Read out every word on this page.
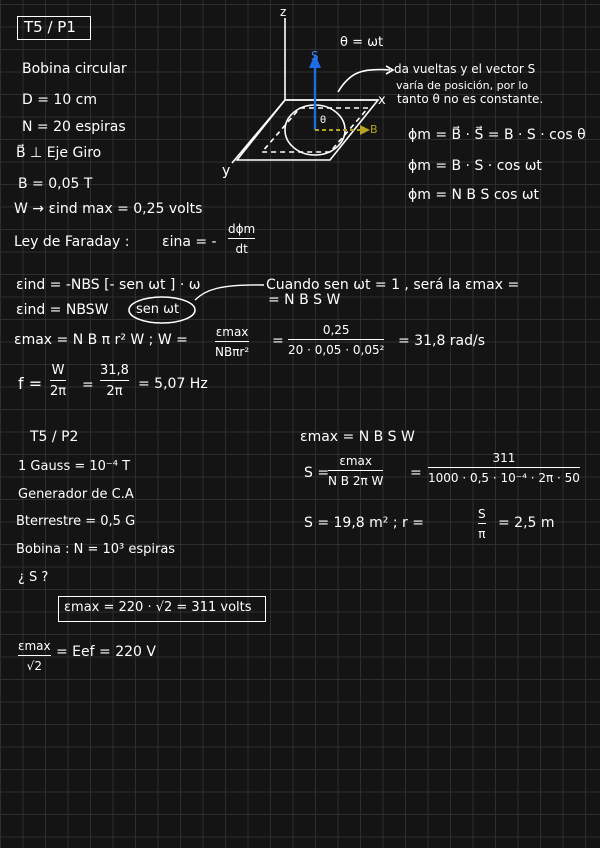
T5 / P1
Bobina circular
D = 10 cm
N = 20 espiras
B⃗ ⊥ Eje Giro
B = 0,05 T
W → εind max = 0,25 volts
Ley de Faraday : εina = -
dϕm
dt
z
x
y
θ = ωt
S
B
θ
da vueltas y el vector S
varía de posición, por lo
tanto θ no es constante.
ϕm = B⃗ · S⃗ = B · S · cos θ
ϕm = B · S · cos ωt
ϕm = N B S cos ωt
εind = -NBS [- sen ωt ] · ω
εind = NBSW sen ωt
Cuando sen ωt = 1 , será la εmax =
= N B S W
εmax = N B π r² W ; W = εmax
NBπr²
=
0,25
20 · 0,05 · 0,05²
= 31,8 rad/s
f =
W
2π =
31,8
2π = 5,07 Hz
T5 / P2
1 Gauss = 10⁻⁴ T
Generador de C.A
Bterrestre = 0,5 G
Bobina : N = 10³ espiras
¿ S ?
εmax = 220 · √2 = 311 volts
εmax
√2
= Eef = 220 V
εmax = N B S W
S =
εmax
N B 2π W =
311
1000 · 0,5 · 10⁻⁴ · 2π · 50
S = 19,8 m² ; r =
S
π
= 2,5 m
